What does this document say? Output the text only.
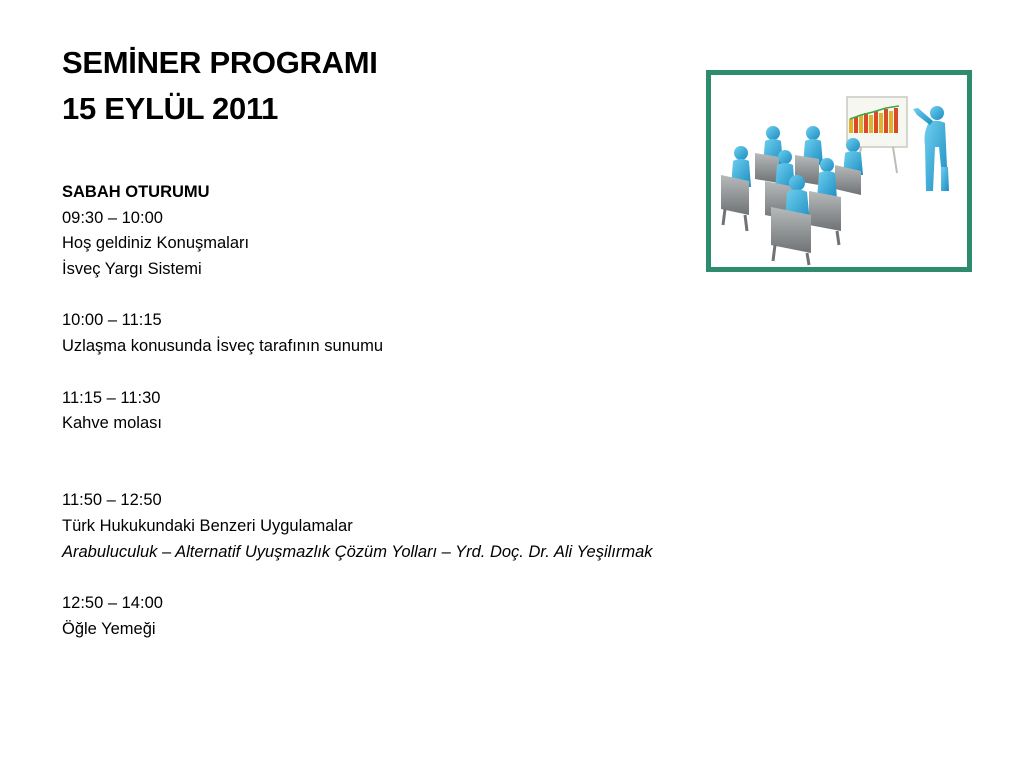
SEMİNER PROGRAMI
15 EYLÜL 2011
SABAH OTURUMU
09:30 – 10:00
Hoş geldiniz Konuşmaları
İsveç Yargı Sistemi
10:00 – 11:15
Uzlaşma konusunda İsveç tarafının sunumu
11:15 – 11:30
Kahve molası
11:50 – 12:50
Türk Hukukundaki Benzeri Uygulamalar
Arabuluculuk – Alternatif Uyuşmazlık Çözüm Yolları – Yrd. Doç. Dr. Ali Yeşilırmak
12:50 – 14:00
Öğle Yemeği
